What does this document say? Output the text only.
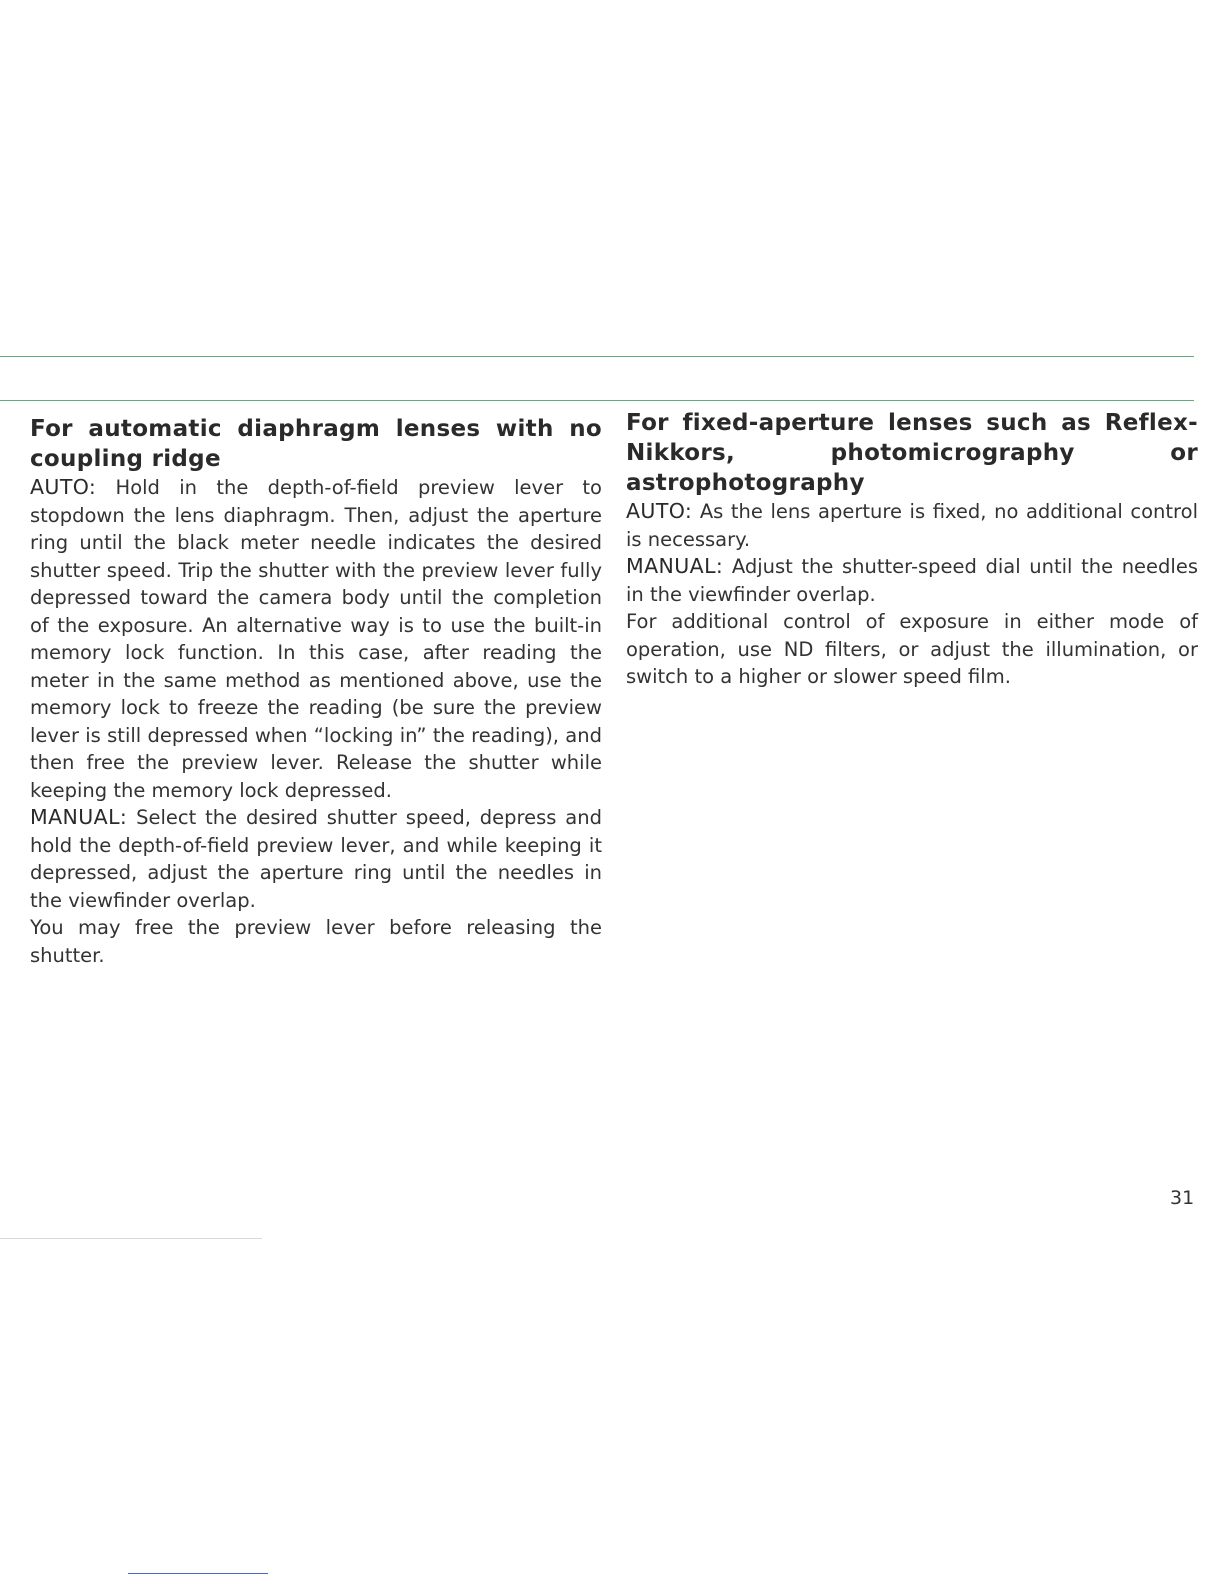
For automatic diaphragm lenses with no coupling ridge

AUTO: Hold in the depth-of-field preview lever to stopdown the lens diaphragm. Then, adjust the aperture ring until the black meter needle indicates the desired shutter speed. Trip the shutter with the preview lever fully depressed toward the camera body until the completion of the exposure. An alternative way is to use the built-in memory lock function. In this case, after reading the meter in the same method as mentioned above, use the memory lock to freeze the reading (be sure the preview lever is still depressed when “locking in” the reading), and then free the preview lever. Release the shutter while keeping the memory lock depressed.

MANUAL: Select the desired shutter speed, depress and hold the depth-of-field preview lever, and while keeping it depressed, adjust the aperture ring until the needles in the viewfinder overlap.

You may free the preview lever before releasing the shutter.

For fixed-aperture lenses such as Reflex-Nikkors, photomicrography or astrophotography

AUTO: As the lens aperture is fixed, no additional control is necessary.

MANUAL: Adjust the shutter-speed dial until the needles in the viewfinder overlap.

For additional control of exposure in either mode of operation, use ND filters, or adjust the illumination, or switch to a higher or slower speed film.

31
